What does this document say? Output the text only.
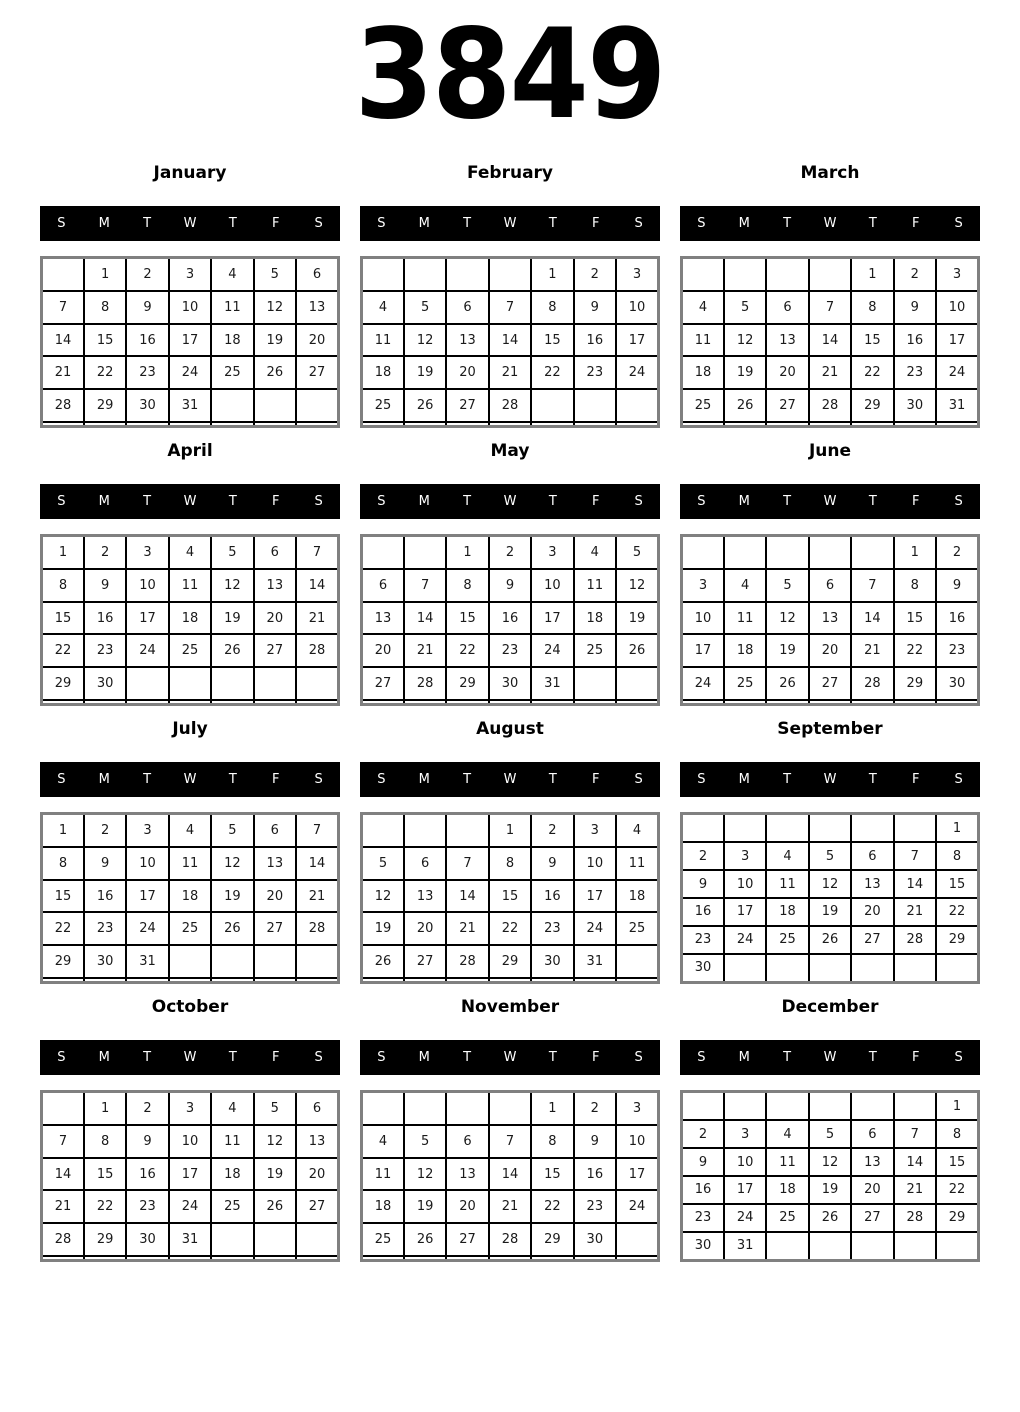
3849
January
S	M	T	W	T	F	S
	1	2	3	4	5	6
7	8	9	10	11	12	13
14	15	16	17	18	19	20
21	22	23	24	25	26	27
28	29	30	31			

February
S	M	T	W	T	F	S
				1	2	3
4	5	6	7	8	9	10
11	12	13	14	15	16	17
18	19	20	21	22	23	24
25	26	27	28			

March
S	M	T	W	T	F	S
				1	2	3
4	5	6	7	8	9	10
11	12	13	14	15	16	17
18	19	20	21	22	23	24
25	26	27	28	29	30	31

April
S	M	T	W	T	F	S
1	2	3	4	5	6	7
8	9	10	11	12	13	14
15	16	17	18	19	20	21
22	23	24	25	26	27	28
29	30					

May
S	M	T	W	T	F	S
		1	2	3	4	5
6	7	8	9	10	11	12
13	14	15	16	17	18	19
20	21	22	23	24	25	26
27	28	29	30	31		

June
S	M	T	W	T	F	S
					1	2
3	4	5	6	7	8	9
10	11	12	13	14	15	16
17	18	19	20	21	22	23
24	25	26	27	28	29	30

July
S	M	T	W	T	F	S
1	2	3	4	5	6	7
8	9	10	11	12	13	14
15	16	17	18	19	20	21
22	23	24	25	26	27	28
29	30	31				

August
S	M	T	W	T	F	S
			1	2	3	4
5	6	7	8	9	10	11
12	13	14	15	16	17	18
19	20	21	22	23	24	25
26	27	28	29	30	31	

September
S	M	T	W	T	F	S
						1
2	3	4	5	6	7	8
9	10	11	12	13	14	15
16	17	18	19	20	21	22
23	24	25	26	27	28	29
30						
October
S	M	T	W	T	F	S
	1	2	3	4	5	6
7	8	9	10	11	12	13
14	15	16	17	18	19	20
21	22	23	24	25	26	27
28	29	30	31			

November
S	M	T	W	T	F	S
				1	2	3
4	5	6	7	8	9	10
11	12	13	14	15	16	17
18	19	20	21	22	23	24
25	26	27	28	29	30	

December
S	M	T	W	T	F	S
						1
2	3	4	5	6	7	8
9	10	11	12	13	14	15
16	17	18	19	20	21	22
23	24	25	26	27	28	29
30	31					
